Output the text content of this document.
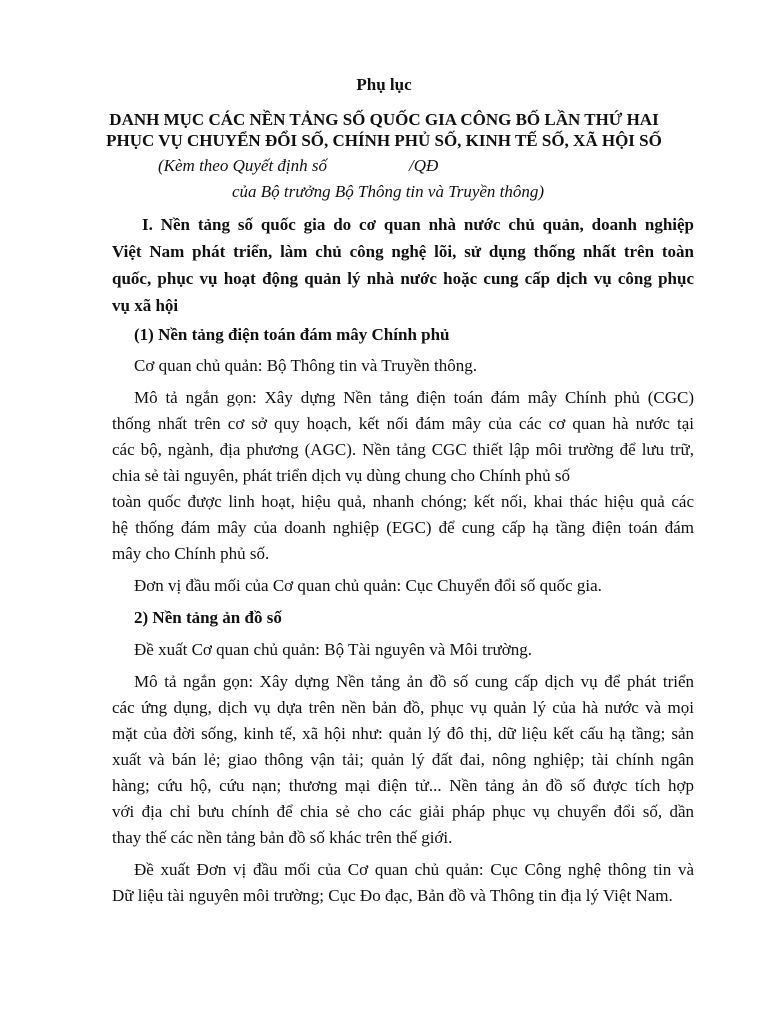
Phụ lục
DANH MỤC CÁC NỀN TẢNG SỐ QUỐC GIA CÔNG BỐ LẦN THỨ HAI
PHỤC VỤ CHUYỂN ĐỔI SỐ, CHÍNH PHỦ SỐ, KINH TẾ SỐ, XÃ HỘI SỐ
(Kèm theo Quyết định số	/QĐ
của Bộ trưởng Bộ Thông tin và Truyền thông)
I. Nền tảng số quốc gia do cơ quan nhà nước chủ quản, doanh nghiệp
Việt Nam phát triển, làm chủ công nghệ lõi, sử dụng thống nhất trên toàn
quốc, phục vụ hoạt động quản lý nhà nước hoặc cung cấp dịch vụ công phục
vụ xã hội
(1) Nền tảng điện toán đám mây Chính phủ
Cơ quan chủ quản: Bộ Thông tin và Truyền thông.
Mô tả ngắn gọn: Xây dựng Nền tảng điện toán đám mây Chính phủ (CGC)
thống nhất trên cơ sở quy hoạch, kết nối đám mây của các cơ quan hà nước tại
các bộ, ngành, địa phương (AGC). Nền tảng CGC thiết lập môi trường để lưu trữ,
chia sẻ tài nguyên, phát triển dịch vụ dùng chung cho Chính phủ số
toàn quốc được linh hoạt, hiệu quả, nhanh chóng; kết nối, khai thác hiệu quả các
hệ thống đám mây của doanh nghiệp (EGC) để cung cấp hạ tầng điện toán đám
mây cho Chính phủ số.
Đơn vị đầu mối của Cơ quan chủ quản: Cục Chuyển đổi số quốc gia.
2) Nền tảng ản đồ số
Đề xuất Cơ quan chủ quản: Bộ Tài nguyên và Môi trường.
Mô tả ngắn gọn: Xây dựng Nền tảng ản đồ số cung cấp dịch vụ để phát triển
các ứng dụng, dịch vụ dựa trên nền bản đồ, phục vụ quản lý của hà nước và mọi
mặt của đời sống, kinh tế, xã hội như: quản lý đô thị, dữ liệu kết cấu hạ tầng; sản
xuất và bán lẻ; giao thông vận tải; quản lý đất đai, nông nghiệp; tài chính ngân
hàng; cứu hộ, cứu nạn; thương mại điện tử... Nền tảng ản đồ số được tích hợp
với địa chỉ bưu chính để chia sẻ cho các giải pháp phục vụ chuyển đổi số, dần
thay thế các nền tảng bản đồ số khác trên thế giới.
Đề xuất Đơn vị đầu mối của Cơ quan chủ quản: Cục Công nghệ thông tin và
Dữ liệu tài nguyên môi trường; Cục Đo đạc, Bản đồ và Thông tin địa lý Việt Nam.
